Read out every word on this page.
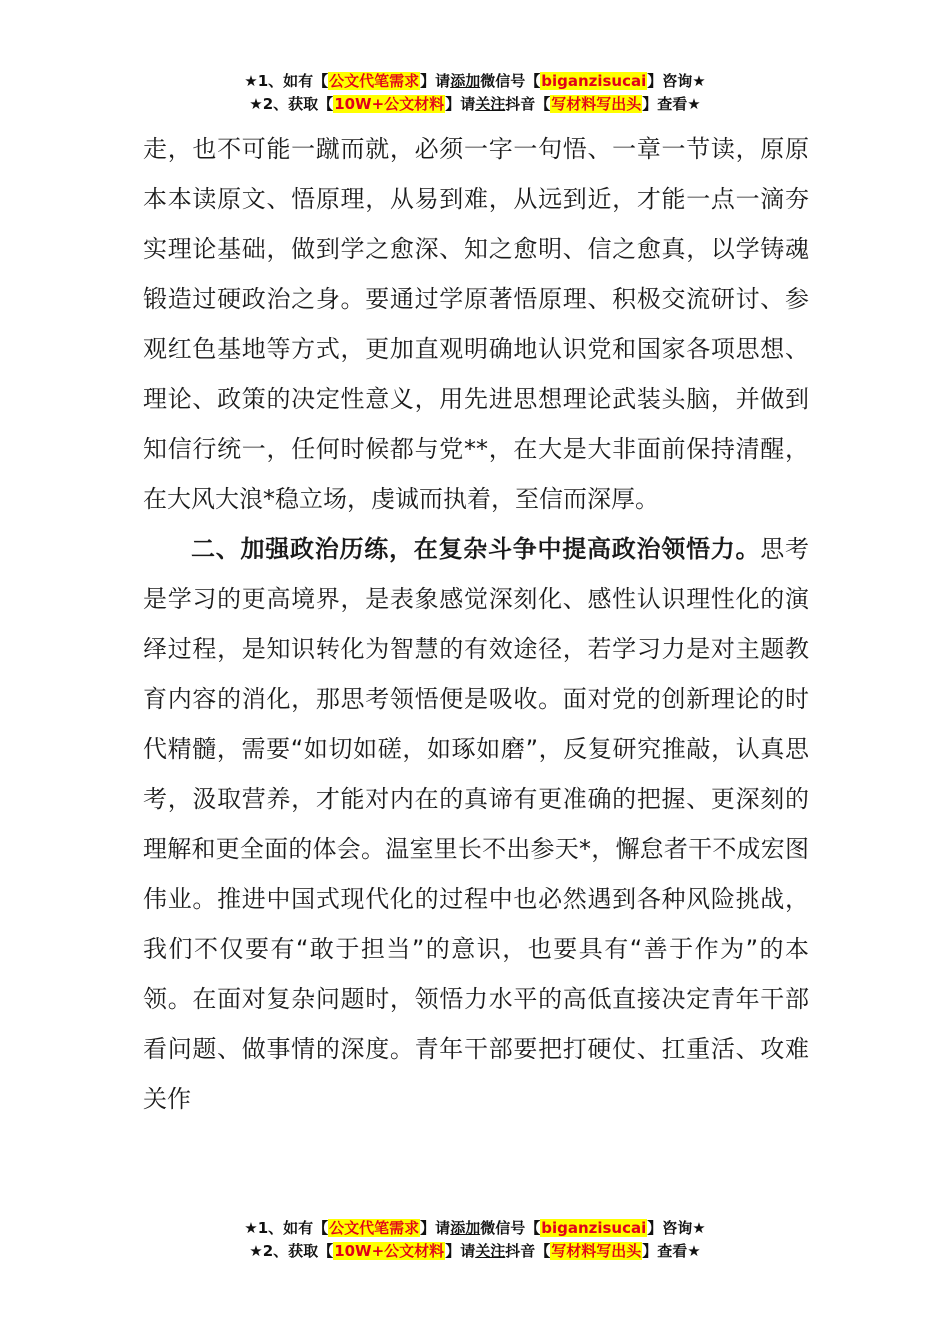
★1、如有【公文代笔需求】请添加微信号【biganzisucai】咨询★
★2、获取【10W+公文材料】请关注抖音【写材料写出头】查看★

走，也不可能一蹴而就，必须一字一句悟、一章一节读，原原本本读原文、悟原理，从易到难，从远到近，才能一点一滴夯实理论基础，做到学之愈深、知之愈明、信之愈真，以学铸魂锻造过硬政治之身。要通过学原著悟原理、积极交流研讨、参观红色基地等方式，更加直观明确地认识党和国家各项思想、理论、政策的决定性意义，用先进思想理论武装头脑，并做到知信行统一，任何时候都与党**，在大是大非面前保持清醒，在大风大浪*稳立场，虔诚而执着，至信而深厚。

二、加强政治历练，在复杂斗争中提高政治领悟力。思考是学习的更高境界，是表象感觉深刻化、感性认识理性化的演绎过程，是知识转化为智慧的有效途径，若学习力是对主题教育内容的消化，那思考领悟便是吸收。面对党的创新理论的时代精髓，需要“如切如磋，如琢如磨”，反复研究推敲，认真思考，汲取营养，才能对内在的真谛有更准确的把握、更深刻的理解和更全面的体会。温室里长不出参天*，懈怠者干不成宏图伟业。推进中国式现代化的过程中也必然遇到各种风险挑战，我们不仅要有“敢于担当”的意识，也要具有“善于作为”的本领。在面对复杂问题时，领悟力水平的高低直接决定青年干部看问题、做事情的深度。青年干部要把打硬仗、扛重活、攻难关作

★1、如有【公文代笔需求】请添加微信号【biganzisucai】咨询★
★2、获取【10W+公文材料】请关注抖音【写材料写出头】查看★
